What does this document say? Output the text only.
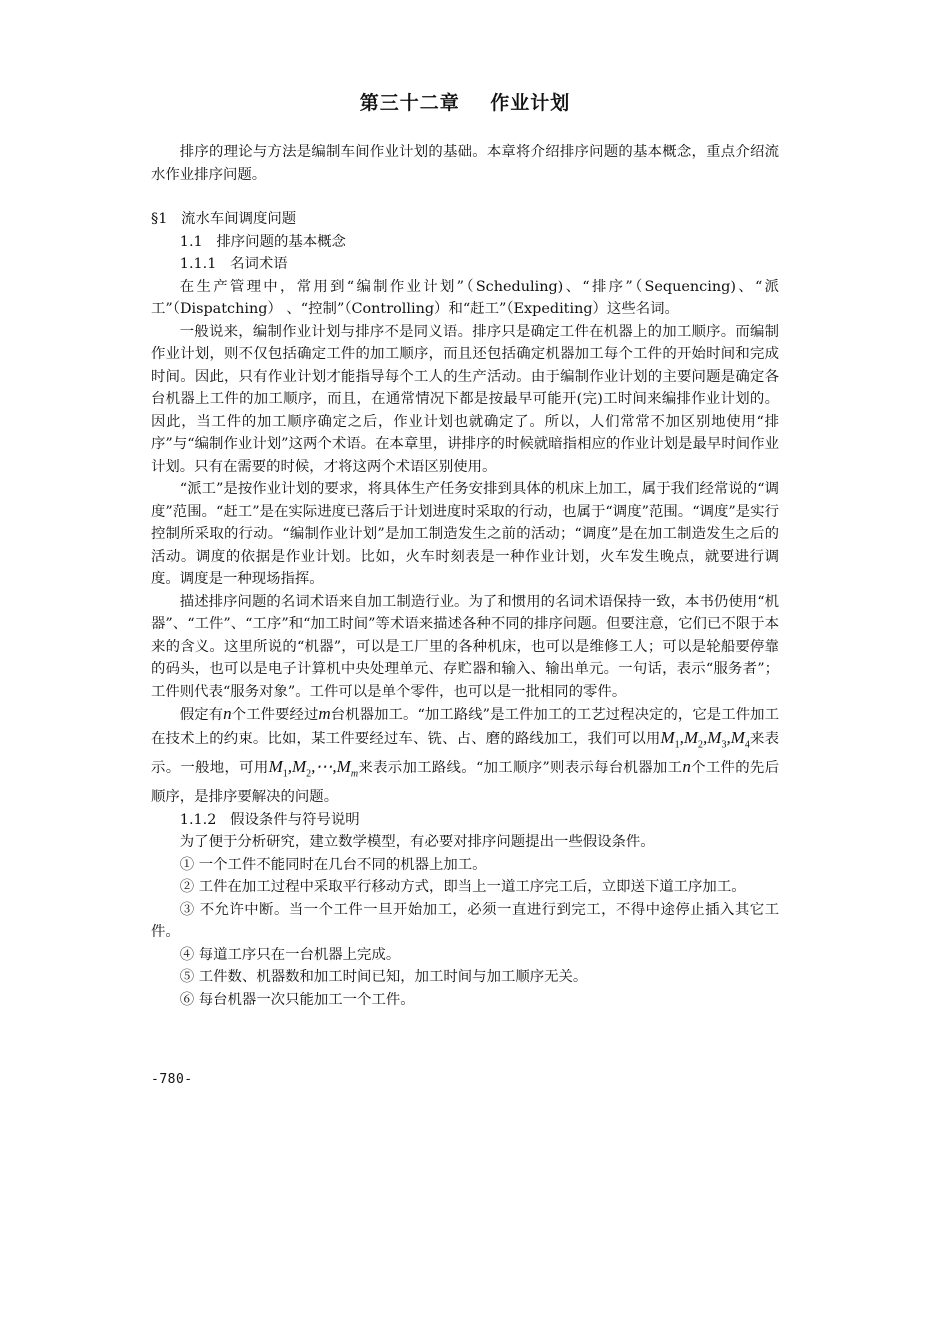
第三十二章    作业计划

排序的理论与方法是编制车间作业计划的基础。本章将介绍排序问题的基本概念，重点介绍流水作业排序问题。

§1   流水车间调度问题

1.1   排序问题的基本概念

1.1.1   名词术语

在生产管理中，常用到“编制作业计划”（Scheduling)、“排序”（Sequencing)、“派工”（Dispatching） 、“控制”（Controlling）和“赶工”（Expediting）这些名词。

一般说来，编制作业计划与排序不是同义语。排序只是确定工件在机器上的加工顺序。而编制作业计划，则不仅包括确定工件的加工顺序，而且还包括确定机器加工每个工件的开始时间和完成时间。因此，只有作业计划才能指导每个工人的生产活动。由于编制作业计划的主要问题是确定各台机器上工件的加工顺序，而且，在通常情况下都是按最早可能开(完)工时间来编排作业计划的。因此，当工件的加工顺序确定之后，作业计划也就确定了。所以，人们常常不加区别地使用“排序”与“编制作业计划”这两个术语。在本章里，讲排序的时候就暗指相应的作业计划是最早时间作业计划。只有在需要的时候，才将这两个术语区别使用。

“派工”是按作业计划的要求，将具体生产任务安排到具体的机床上加工，属于我们经常说的“调度”范围。“赶工”是在实际进度已落后于计划进度时采取的行动，也属于“调度”范围。“调度”是实行控制所采取的行动。“编制作业计划”是加工制造发生之前的活动；“调度”是在加工制造发生之后的活动。调度的依据是作业计划。比如，火车时刻表是一种作业计划，火车发生晚点，就要进行调度。调度是一种现场指挥。

描述排序问题的名词术语来自加工制造行业。为了和惯用的名词术语保持一致，本书仍使用“机器”、“工件”、“工序”和“加工时间”等术语来描述各种不同的排序问题。但要注意，它们已不限于本来的含义。这里所说的“机器”，可以是工厂里的各种机床，也可以是维修工人；可以是轮船要停靠的码头，也可以是电子计算机中央处理单元、存贮器和输入、输出单元。一句话，表示“服务者”；工件则代表“服务对象”。工件可以是单个零件，也可以是一批相同的零件。

假定有n个工件要经过m台机器加工。“加工路线”是工件加工的工艺过程决定的，它是工件加工在技术上的约束。比如，某工件要经过车、铣、占、磨的路线加工，我们可以用$M_1,M_2,M_3,M_4$来表示。一般地，可用$M_1,M_2,\cdots,M_m$来表示加工路线。“加工顺序”则表示每台机器加工n个工件的先后顺序，是排序要解决的问题。

1.1.2   假设条件与符号说明

为了便于分析研究，建立数学模型，有必要对排序问题提出一些假设条件。

① 一个工件不能同时在几台不同的机器上加工。

② 工件在加工过程中采取平行移动方式，即当上一道工序完工后，立即送下道工序加工。

③ 不允许中断。当一个工件一旦开始加工，必须一直进行到完工，不得中途停止插入其它工件。

④ 每道工序只在一台机器上完成。

⑤ 工件数、机器数和加工时间已知，加工时间与加工顺序无关。

⑥ 每台机器一次只能加工一个工件。

-780-
